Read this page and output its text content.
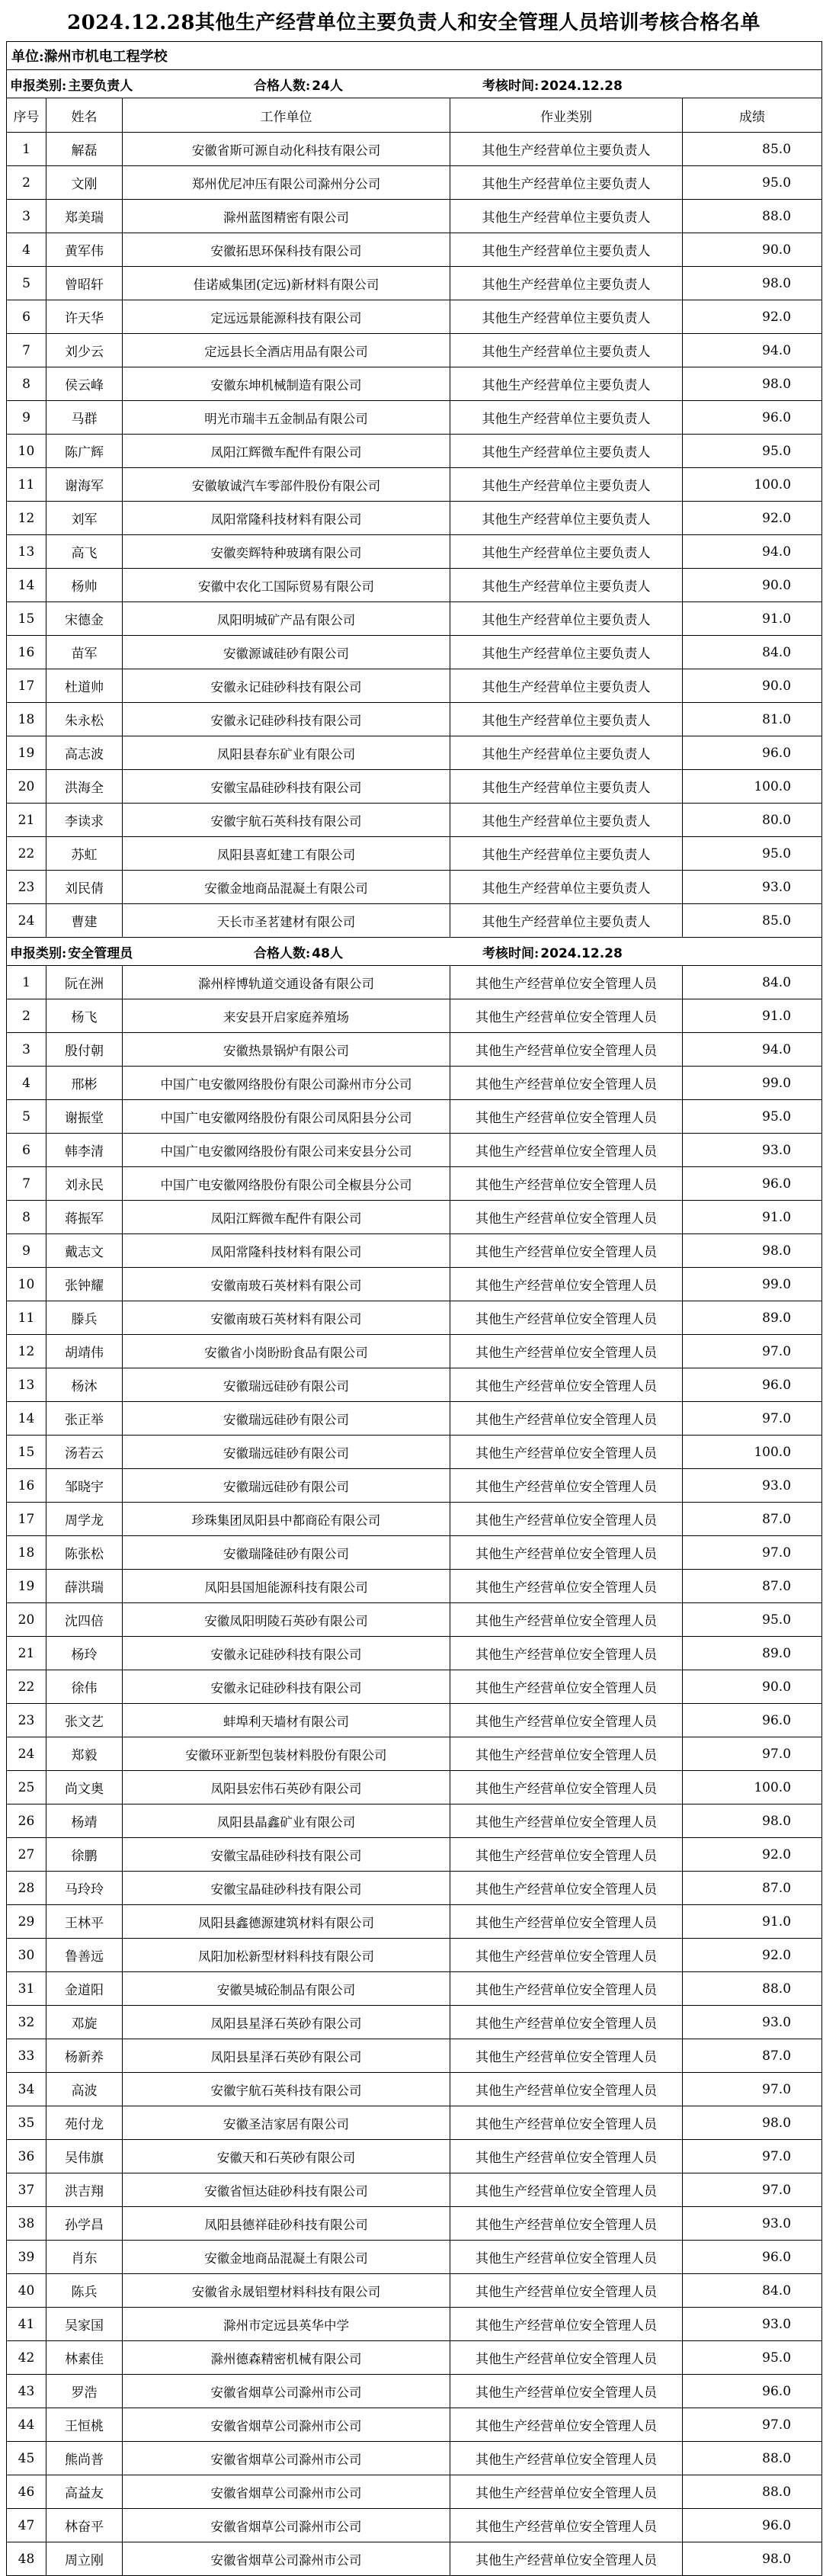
2024.12.28其他生产经营单位主要负责人和安全管理人员培训考核合格名单
单位:滁州市机电工程学校				

申报类别: 主要负责人 合格人数: 24人 考核时间: 2024.12.28				

序号	姓名	工作单位	作业类别	成绩
1	解磊	安徽省斯可源自动化科技有限公司	其他生产经营单位主要负责人	85.0
2	文刚	郑州优尼冲压有限公司滁州分公司	其他生产经营单位主要负责人	95.0
3	郑美瑞	滁州蓝图精密有限公司	其他生产经营单位主要负责人	88.0
4	黄军伟	安徽拓思环保科技有限公司	其他生产经营单位主要负责人	90.0
5	曾昭轩	佳诺威集团(定远)新材料有限公司	其他生产经营单位主要负责人	98.0
6	许天华	定远远景能源科技有限公司	其他生产经营单位主要负责人	92.0
7	刘少云	定远县长全酒店用品有限公司	其他生产经营单位主要负责人	94.0
8	侯云峰	安徽东坤机械制造有限公司	其他生产经营单位主要负责人	98.0
9	马群	明光市瑞丰五金制品有限公司	其他生产经营单位主要负责人	96.0
10	陈广辉	凤阳江辉微车配件有限公司	其他生产经营单位主要负责人	95.0
11	谢海军	安徽敏诚汽车零部件股份有限公司	其他生产经营单位主要负责人	100.0
12	刘军	凤阳常隆科技材料有限公司	其他生产经营单位主要负责人	92.0
13	高飞	安徽奕辉特种玻璃有限公司	其他生产经营单位主要负责人	94.0
14	杨帅	安徽中农化工国际贸易有限公司	其他生产经营单位主要负责人	90.0
15	宋德金	凤阳明城矿产品有限公司	其他生产经营单位主要负责人	91.0
16	苗军	安徽源诚硅砂有限公司	其他生产经营单位主要负责人	84.0
17	杜道帅	安徽永记硅砂科技有限公司	其他生产经营单位主要负责人	90.0
18	朱永松	安徽永记硅砂科技有限公司	其他生产经营单位主要负责人	81.0
19	高志波	凤阳县春东矿业有限公司	其他生产经营单位主要负责人	96.0
20	洪海全	安徽宝晶硅砂科技有限公司	其他生产经营单位主要负责人	100.0
21	李读求	安徽宇航石英科技有限公司	其他生产经营单位主要负责人	80.0
22	苏虹	凤阳县喜虹建工有限公司	其他生产经营单位主要负责人	95.0
23	刘民倩	安徽金地商品混凝土有限公司	其他生产经营单位主要负责人	93.0
24	曹建	天长市圣茗建材有限公司	其他生产经营单位主要负责人	85.0

申报类别: 安全管理员 合格人数: 48人 考核时间: 2024.12.28				

1	阮在洲	滁州梓博轨道交通设备有限公司	其他生产经营单位安全管理人员	84.0
2	杨飞	来安县开启家庭养殖场	其他生产经营单位安全管理人员	91.0
3	殷付朝	安徽热景锅炉有限公司	其他生产经营单位安全管理人员	94.0
4	邢彬	中国广电安徽网络股份有限公司滁州市分公司	其他生产经营单位安全管理人员	99.0
5	谢振堂	中国广电安徽网络股份有限公司凤阳县分公司	其他生产经营单位安全管理人员	95.0
6	韩李清	中国广电安徽网络股份有限公司来安县分公司	其他生产经营单位安全管理人员	93.0
7	刘永民	中国广电安徽网络股份有限公司全椒县分公司	其他生产经营单位安全管理人员	96.0
8	蒋振军	凤阳江辉微车配件有限公司	其他生产经营单位安全管理人员	91.0
9	戴志文	凤阳常隆科技材料有限公司	其他生产经营单位安全管理人员	98.0
10	张钟耀	安徽南玻石英材料有限公司	其他生产经营单位安全管理人员	99.0
11	滕兵	安徽南玻石英材料有限公司	其他生产经营单位安全管理人员	89.0
12	胡靖伟	安徽省小岗盼盼食品有限公司	其他生产经营单位安全管理人员	97.0
13	杨沐	安徽瑞远硅砂有限公司	其他生产经营单位安全管理人员	96.0
14	张正举	安徽瑞远硅砂有限公司	其他生产经营单位安全管理人员	97.0
15	汤若云	安徽瑞远硅砂有限公司	其他生产经营单位安全管理人员	100.0
16	邹晓宇	安徽瑞远硅砂有限公司	其他生产经营单位安全管理人员	93.0
17	周学龙	珍珠集团凤阳县中都商砼有限公司	其他生产经营单位安全管理人员	87.0
18	陈张松	安徽瑞隆硅砂有限公司	其他生产经营单位安全管理人员	97.0
19	薛洪瑞	凤阳县国旭能源科技有限公司	其他生产经营单位安全管理人员	87.0
20	沈四倍	安徽凤阳明陵石英砂有限公司	其他生产经营单位安全管理人员	95.0
21	杨玲	安徽永记硅砂科技有限公司	其他生产经营单位安全管理人员	89.0
22	徐伟	安徽永记硅砂科技有限公司	其他生产经营单位安全管理人员	90.0
23	张文艺	蚌埠利天墙材有限公司	其他生产经营单位安全管理人员	96.0
24	郑毅	安徽环亚新型包装材料股份有限公司	其他生产经营单位安全管理人员	97.0
25	尚文奥	凤阳县宏伟石英砂有限公司	其他生产经营单位安全管理人员	100.0
26	杨靖	凤阳县晶鑫矿业有限公司	其他生产经营单位安全管理人员	98.0
27	徐鹏	安徽宝晶硅砂科技有限公司	其他生产经营单位安全管理人员	92.0
28	马玲玲	安徽宝晶硅砂科技有限公司	其他生产经营单位安全管理人员	87.0
29	王林平	凤阳县鑫德源建筑材料有限公司	其他生产经营单位安全管理人员	91.0
30	鲁善远	凤阳加松新型材料科技有限公司	其他生产经营单位安全管理人员	92.0
31	金道阳	安徽昊城砼制品有限公司	其他生产经营单位安全管理人员	88.0
32	邓旋	凤阳县星泽石英砂有限公司	其他生产经营单位安全管理人员	93.0
33	杨新养	凤阳县星泽石英砂有限公司	其他生产经营单位安全管理人员	87.0
34	高波	安徽宇航石英科技有限公司	其他生产经营单位安全管理人员	97.0
35	苑付龙	安徽圣洁家居有限公司	其他生产经营单位安全管理人员	98.0
36	吴伟旗	安徽天和石英砂有限公司	其他生产经营单位安全管理人员	97.0
37	洪吉翔	安徽省恒达硅砂科技有限公司	其他生产经营单位安全管理人员	97.0
38	孙学昌	凤阳县德祥硅砂科技有限公司	其他生产经营单位安全管理人员	93.0
39	肖东	安徽金地商品混凝土有限公司	其他生产经营单位安全管理人员	96.0
40	陈兵	安徽省永晟铝塑材料科技有限公司	其他生产经营单位安全管理人员	84.0
41	吴家国	滁州市定远县英华中学	其他生产经营单位安全管理人员	93.0
42	林素佳	滁州德森精密机械有限公司	其他生产经营单位安全管理人员	95.0
43	罗浩	安徽省烟草公司滁州市公司	其他生产经营单位安全管理人员	96.0
44	王恒桃	安徽省烟草公司滁州市公司	其他生产经营单位安全管理人员	97.0
45	熊尚普	安徽省烟草公司滁州市公司	其他生产经营单位安全管理人员	88.0
46	高益友	安徽省烟草公司滁州市公司	其他生产经营单位安全管理人员	88.0
47	林奋平	安徽省烟草公司滁州市公司	其他生产经营单位安全管理人员	96.0
48	周立刚	安徽省烟草公司滁州市公司	其他生产经营单位安全管理人员	98.0
